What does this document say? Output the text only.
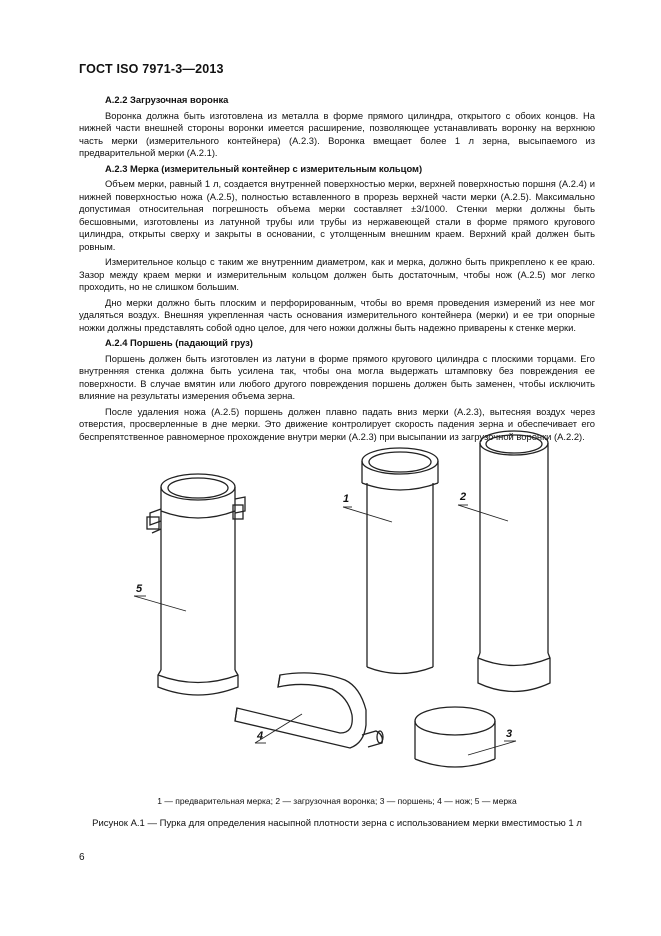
ГОСТ ISO 7971-3—2013
А.2.2 Загрузочная воронка
Воронка должна быть изготовлена из металла в форме прямого цилиндра, открытого с обоих концов. На нижней части внешней стороны воронки имеется расширение, позволяющее устанавливать воронку на верхнюю часть мерки (измерительного контейнера) (А.2.3). Воронка вмещает более 1 л зерна, высыпаемого из предварительной мерки (А.2.1).
А.2.3 Мерка (измерительный контейнер с измерительным кольцом)
Объем мерки, равный 1 л, создается внутренней поверхностью мерки, верхней поверхностью поршня (А.2.4) и нижней поверхностью ножа (А.2.5), полностью вставленного в прорезь верхней части мерки (А.2.5). Максимально допустимая относительная погрешность объема мерки составляет ±3/1000. Стенки мерки должны быть бесшовными, изготовлены из латунной трубы или трубы из нержавеющей стали в форме прямого кругового цилиндра, открыты сверху и закрыты в основании, с утолщенным внешним краем. Верхний край должен быть ровным.
Измерительное кольцо с таким же внутренним диаметром, как и мерка, должно быть прикреплено к ее краю. Зазор между краем мерки и измерительным кольцом должен быть достаточным, чтобы нож (А.2.5) мог легко проходить, но не слишком большим.
Дно мерки должно быть плоским и перфорированным, чтобы во время проведения измерений из нее мог удаляться воздух. Внешняя укрепленная часть основания измерительного контейнера (мерки) и ее три опорные ножки должны представлять собой одно целое, для чего ножки должны быть надежно приварены к стенке мерки.
А.2.4 Поршень (падающий груз)
Поршень должен быть изготовлен из латуни в форме прямого кругового цилиндра с плоскими торцами. Его внутренняя стенка должна быть усилена так, чтобы она могла выдержать штамповку без повреждения ее поверхности. В случае вмятин или любого другого повреждения поршень должен быть заменен, чтобы исключить влияние на результаты измерения объема зерна.
После удаления ножа (А.2.5) поршень должен плавно падать вниз мерки (А.2.3), вытесняя воздух через отверстия, просверленные в дне мерки. Это движение контролирует скорость падения зерна и обеспечивает его беспрепятственное равномерное прохождение внутри мерки (А.2.3) при высыпании из загрузочной воронки (А.2.2).
1	2
5
4	3
1 — предварительная мерка; 2 — загрузочная воронка; 3 — поршень; 4 — нож; 5 — мерка
Рисунок А.1 — Пурка для определения насыпной плотности зерна с использованием мерки вместимостью 1 л
6
